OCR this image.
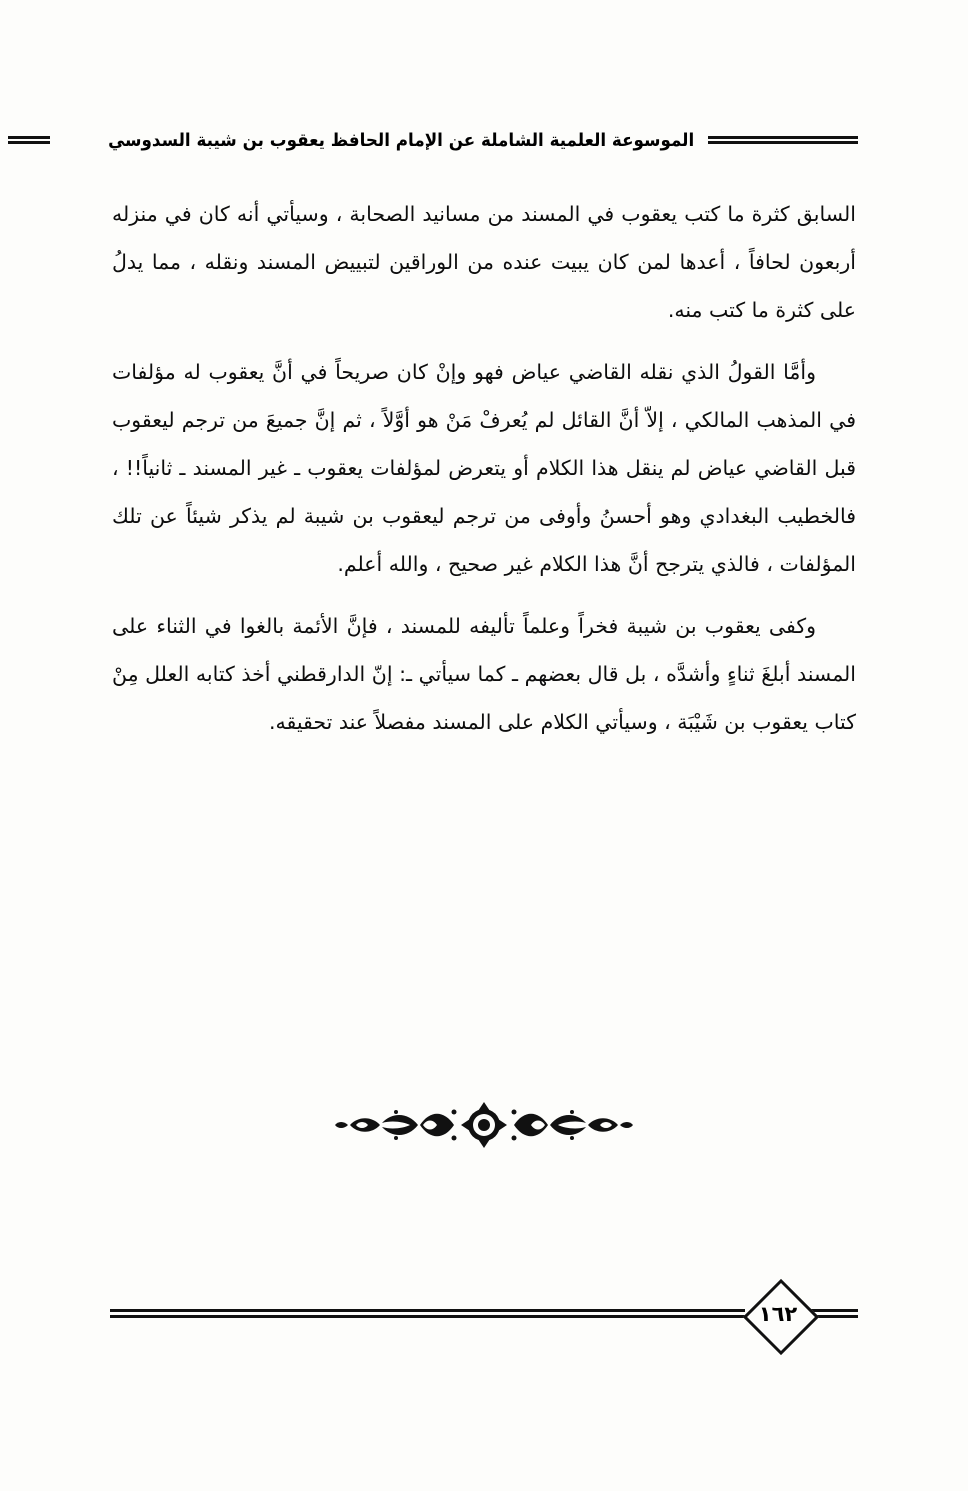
الموسوعة العلمية الشاملة عن الإمام الحافظ يعقوب بن شيبة السدوسي

السابق كثرة ما كتب يعقوب في المسند من مسانيد الصحابة ، وسيأتي أنه كان في منزله أربعون لحافاً ، أعدها لمن كان يبيت عنده من الوراقين لتبييض المسند ونقله ، مما يدلُ على كثرة ما كتب منه.

وأمَّا القولُ الذي نقله القاضي عياض فهو وإنْ كان صريحاً في أنَّ يعقوب له مؤلفات في المذهب المالكي ، إلاّ أنَّ القائل لم يُعرفْ مَنْ هو أوَّلاً ، ثم إنَّ جميعَ من ترجم ليعقوب قبل القاضي عياض لم ينقل هذا الكلام أو يتعرض لمؤلفات يعقوب ـ غير المسند ـ ثانياً!! ، فالخطيب البغدادي وهو أحسنُ وأوفى من ترجم ليعقوب بن شيبة لم يذكر شيئاً عن تلك المؤلفات ، فالذي يترجح أنَّ هذا الكلام غير صحيح ، والله أعلم.

وكفى يعقوب بن شيبة فخراً وعلماً تأليفه للمسند ، فإنَّ الأئمة بالغوا في الثناء على المسند أبلغَ ثناءٍ وأشدَّه ، بل قال بعضهم ـ كما سيأتي ـ: إنّ الدارقطني أخذ كتابه العلل مِنْ كتاب يعقوب بن شَيْبَة ، وسيأتي الكلام على المسند مفصلاً عند تحقيقه.

١٦٢
